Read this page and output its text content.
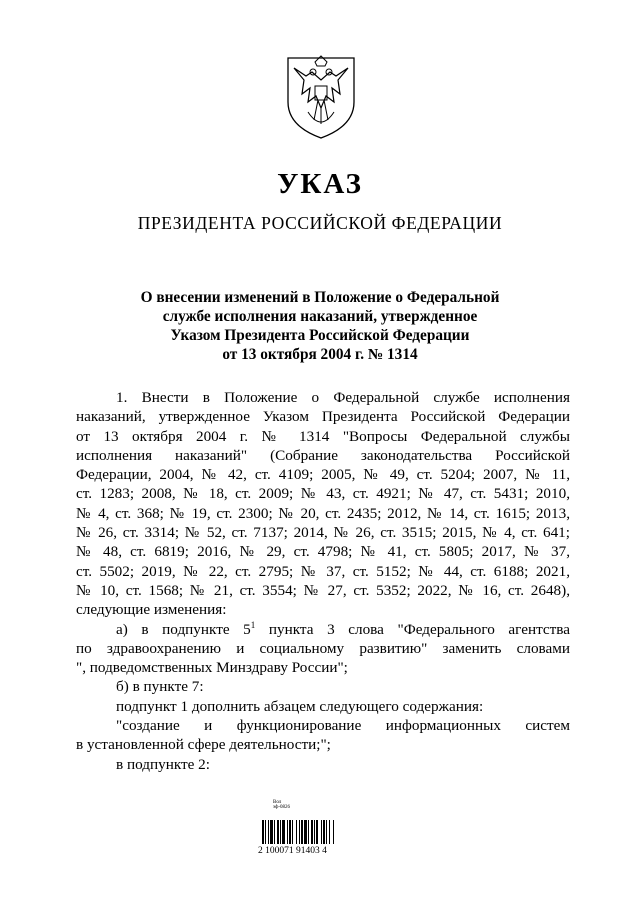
УКАЗ
ПРЕЗИДЕНТА РОССИЙСКОЙ ФЕДЕРАЦИИ
О внесении изменений в Положение о Федеральной
службе исполнения наказаний, утвержденное
Указом Президента Российской Федерации
от 13 октября 2004 г. № 1314
1. Внести в Положение о Федеральной службе исполнения
наказаний, утвержденное Указом Президента Российской Федерации
от 13 октября 2004 г. № 1314 "Вопросы Федеральной службы
исполнения наказаний" (Собрание законодательства Российской
Федерации, 2004, № 42, ст. 4109; 2005, № 49, ст. 5204; 2007, № 11,
ст. 1283; 2008, № 18, ст. 2009; № 43, ст. 4921; № 47, ст. 5431; 2010,
№ 4, ст. 368; № 19, ст. 2300; № 20, ст. 2435; 2012, № 14, ст. 1615; 2013,
№ 26, ст. 3314; № 52, ст. 7137; 2014, № 26, ст. 3515; 2015, № 4, ст. 641;
№ 48, ст. 6819; 2016, № 29, ст. 4798; № 41, ст. 5805; 2017, № 37,
ст. 5502; 2019, № 22, ст. 2795; № 37, ст. 5152; № 44, ст. 6188; 2021,
№ 10, ст. 1568; № 21, ст. 3554; № 27, ст. 5352; 2022, № 16, ст. 2648),
следующие изменения:
а) в подпункте $5^1$ пункта 3 слова "Федерального агентства
по здравоохранению и социальному развитию" заменить словами
", подведомственных Минздраву России";
б) в пункте 7:
подпункт 1 дополнить абзацем следующего содержания:
"создание и функционирование информационных систем
в установленной сфере деятельности;";
в подпункте 2:
Вол
эф-0826
2 100071 91403 4
